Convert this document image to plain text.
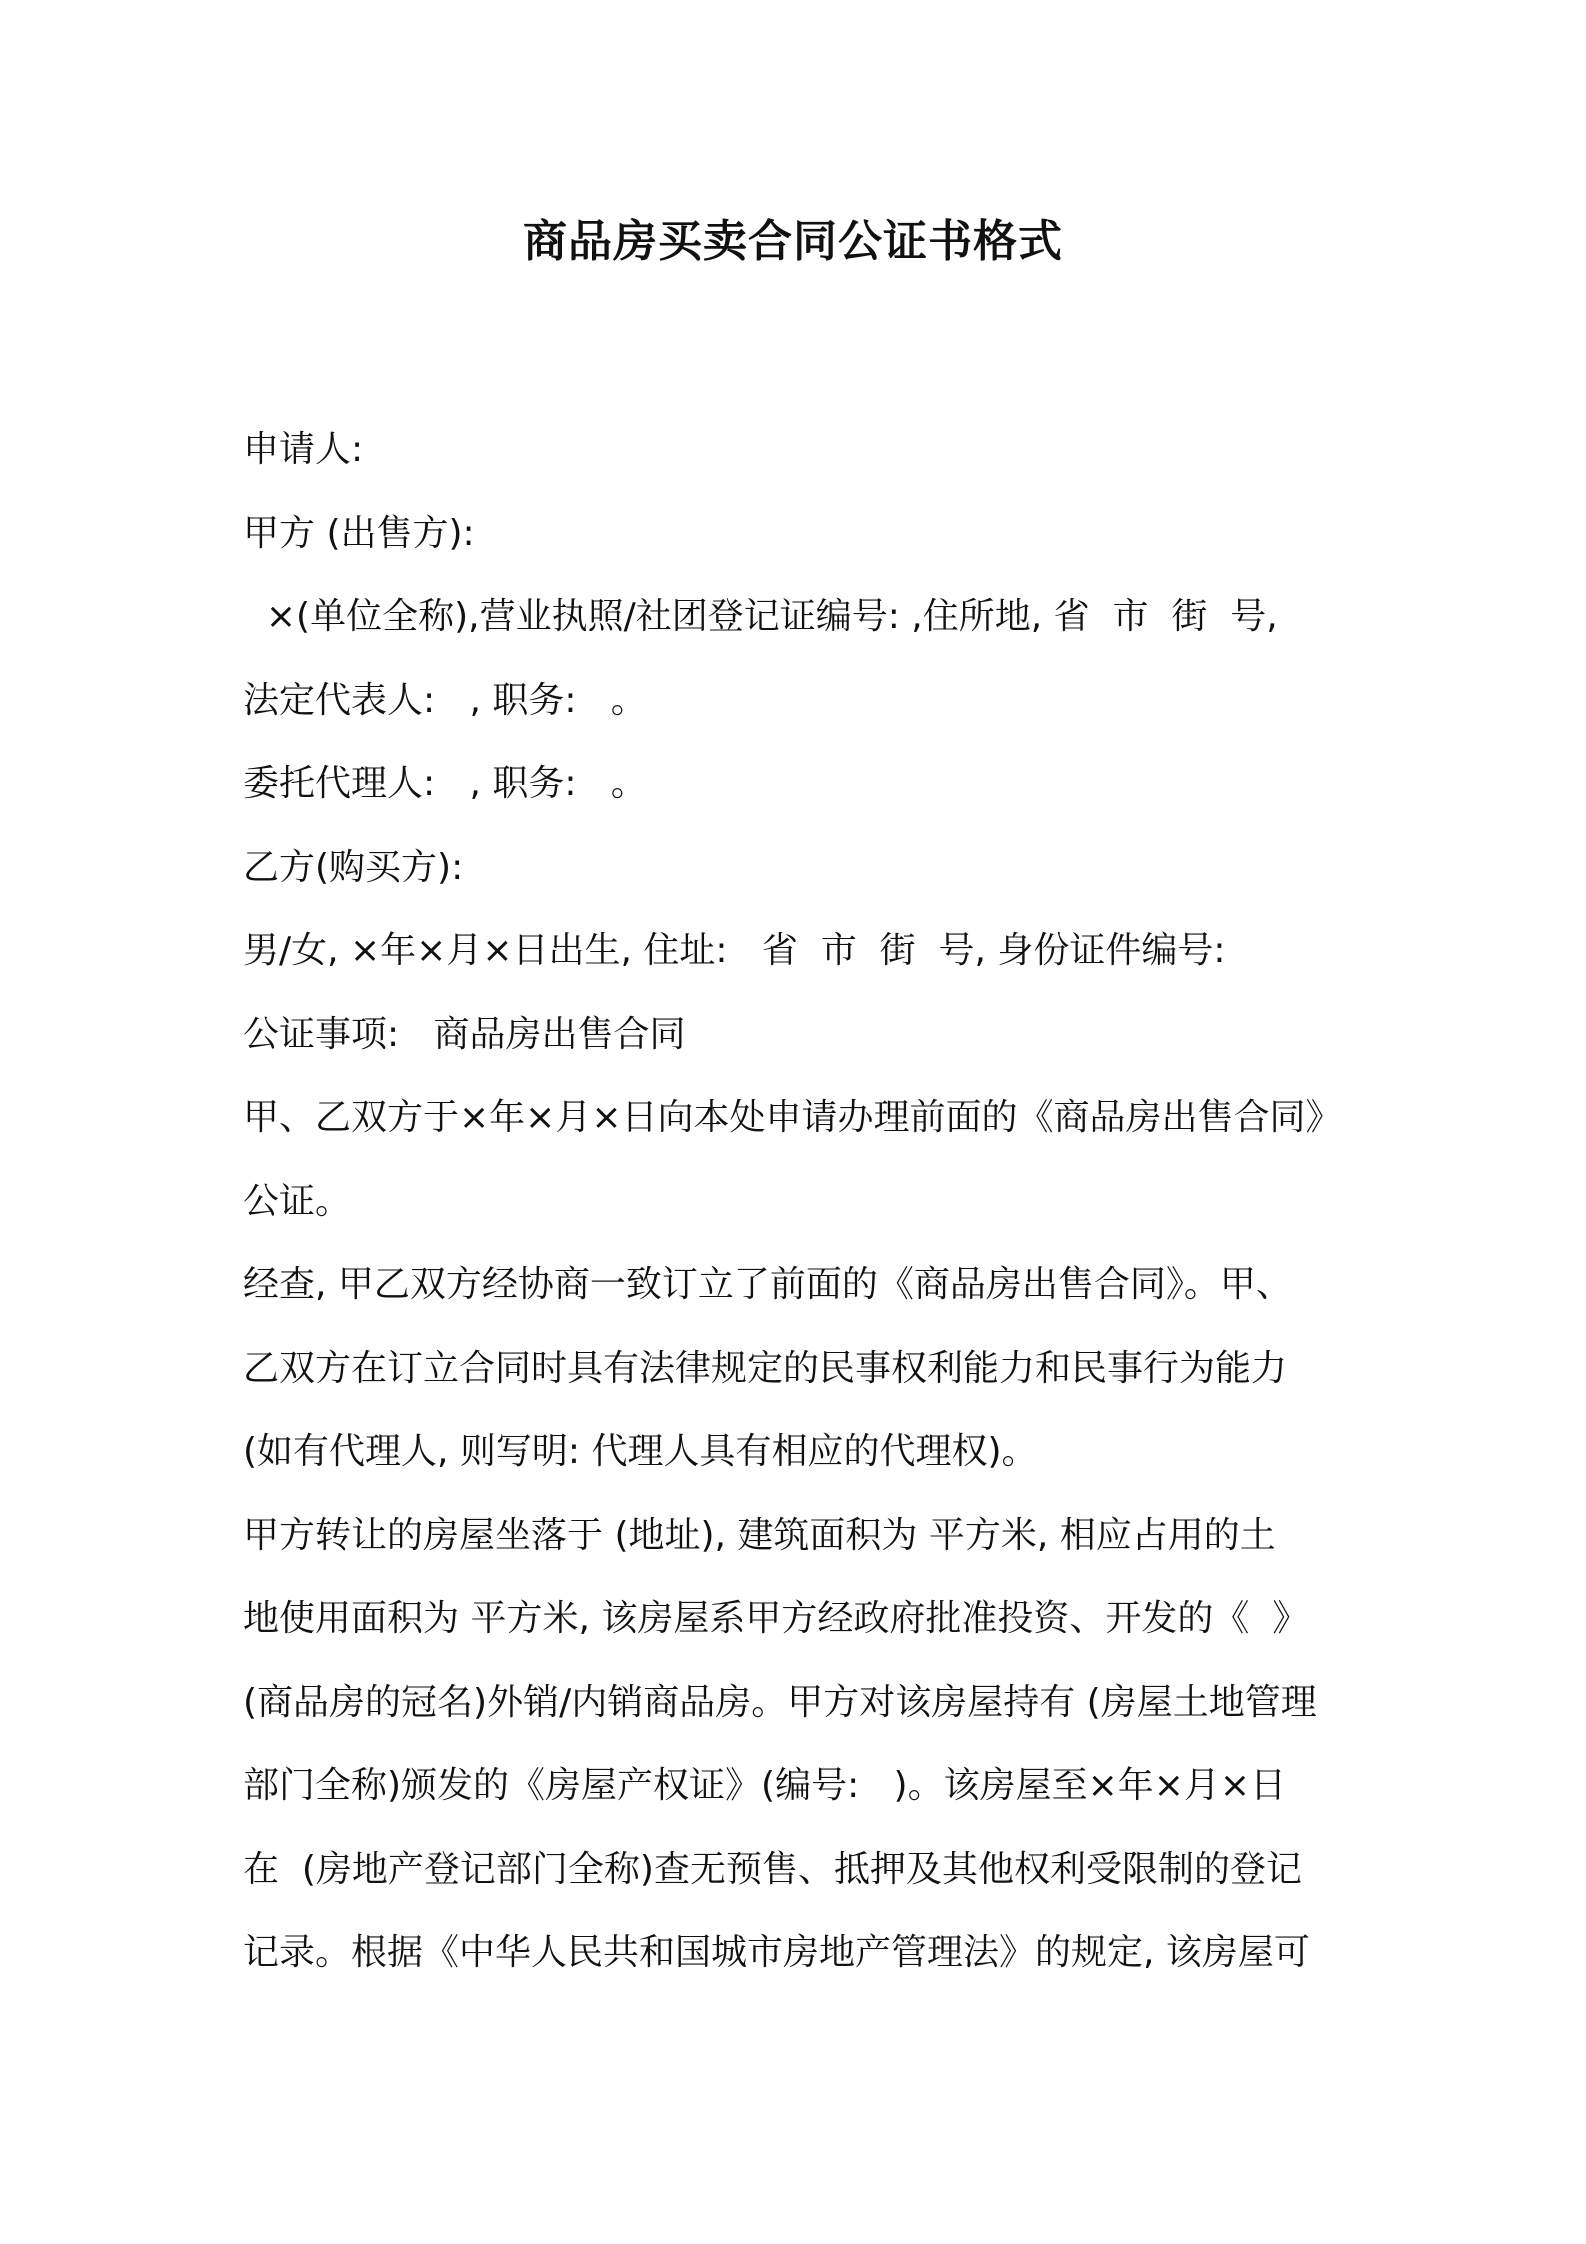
商品房买卖合同公证书格式
申请人:
甲方 (出售方):
×(单位全称),营业执照/社团登记证编号: ,住所地, 省  市  街  号,
法定代表人:   , 职务:   。
委托代理人:   , 职务:   。
乙方(购买方):
男/女, ×年×月×日出生, 住址:   省  市  街  号, 身份证件编号:
公证事项:   商品房出售合同
甲、乙双方于×年×月×日向本处申请办理前面的《商品房出售合同》
公证。
经查, 甲乙双方经协商一致订立了前面的《商品房出售合同》。甲、
乙双方在订立合同时具有法律规定的民事权利能力和民事行为能力
(如有代理人, 则写明: 代理人具有相应的代理权)。
甲方转让的房屋坐落于 (地址), 建筑面积为 平方米, 相应占用的土
地使用面积为 平方米, 该房屋系甲方经政府批准投资、开发的《  》
(商品房的冠名)外销/内销商品房。甲方对该房屋持有 (房屋土地管理
部门全称)颁发的《房屋产权证》(编号:   )。该房屋至×年×月×日
在  (房地产登记部门全称)查无预售、抵押及其他权利受限制的登记
记录。根据《中华人民共和国城市房地产管理法》的规定, 该房屋可
